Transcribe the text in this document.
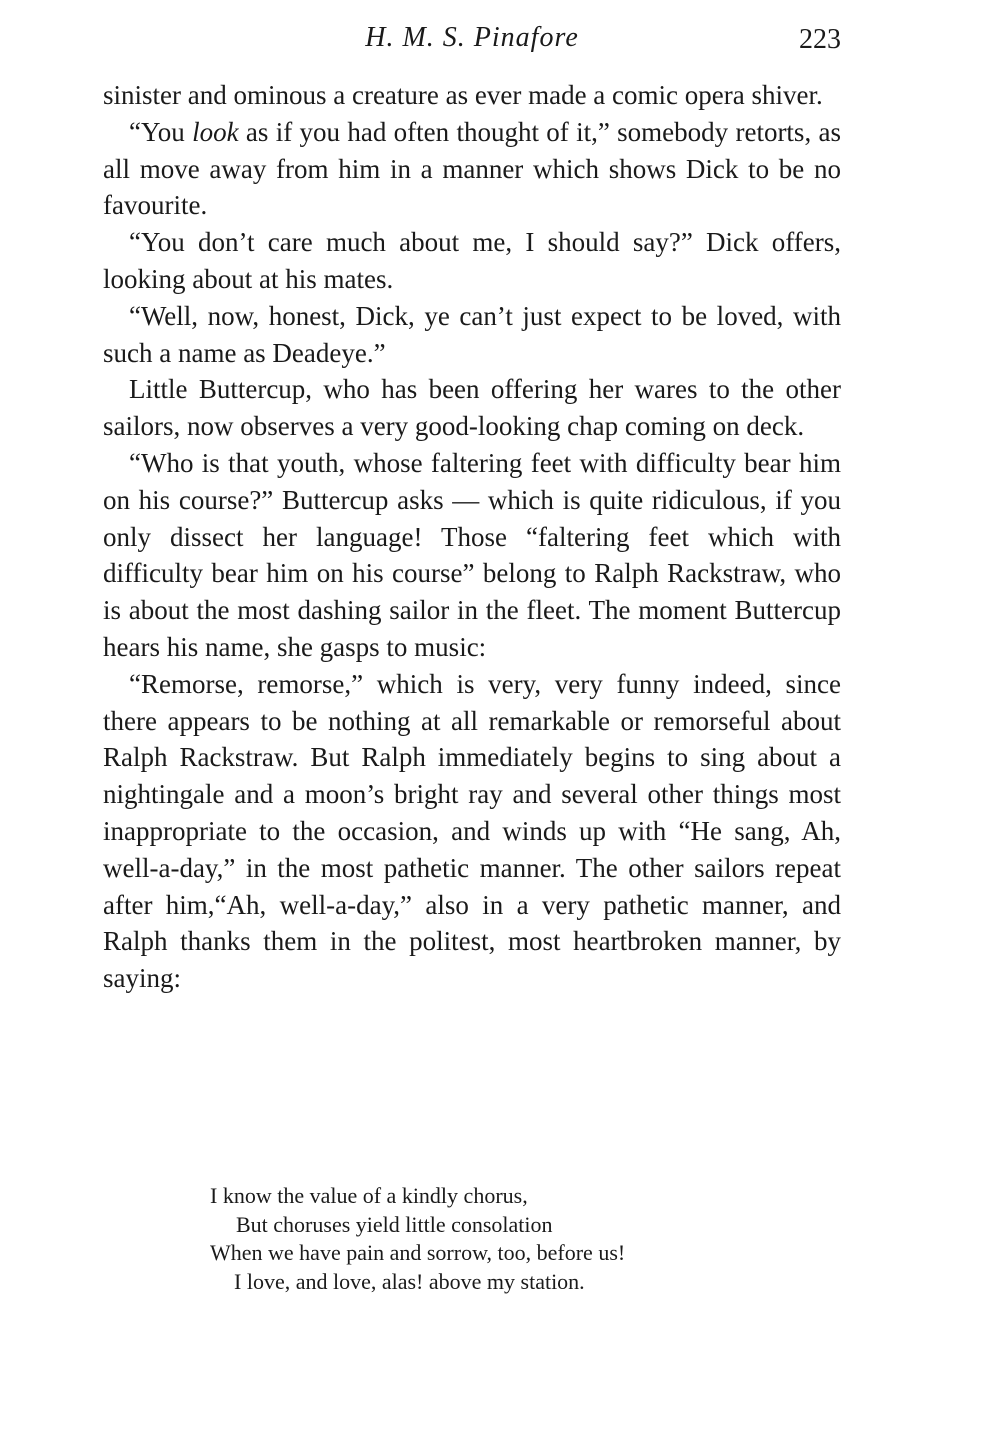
H. M. S. Pinafore	223

sinister and ominous a creature as ever made a comic opera shiver.

“You look as if you had often thought of it,” somebody retorts, as all move away from him in a manner which shows Dick to be no favourite.

“You don’t care much about me, I should say?” Dick offers, looking about at his mates.

“Well, now, honest, Dick, ye can’t just expect to be loved, with such a name as Deadeye.”

Little Buttercup, who has been offering her wares to the other sailors, now observes a very good-looking chap coming on deck.

“Who is that youth, whose faltering feet with difficulty bear him on his course?” Buttercup asks — which is quite ridiculous, if you only dissect her language! Those “faltering feet which with difficulty bear him on his course” belong to Ralph Rackstraw, who is about the most dashing sailor in the fleet. The moment Buttercup hears his name, she gasps to music:

“Remorse, remorse,” which is very, very funny indeed, since there appears to be nothing at all remarkable or remorseful about Ralph Rackstraw. But Ralph immediately begins to sing about a nightingale and a moon’s bright ray and several other things most inappropriate to the occasion, and winds up with “He sang, Ah, well-a-day,” in the most pathetic manner. The other sailors repeat after him,“Ah, well-a-day,” also in a very pathetic manner, and Ralph thanks them in the politest, most heartbroken manner, by saying:

I know the value of a kindly chorus,
But choruses yield little consolation
When we have pain and sorrow, too, before us!
I love, and love, alas! above my station.
